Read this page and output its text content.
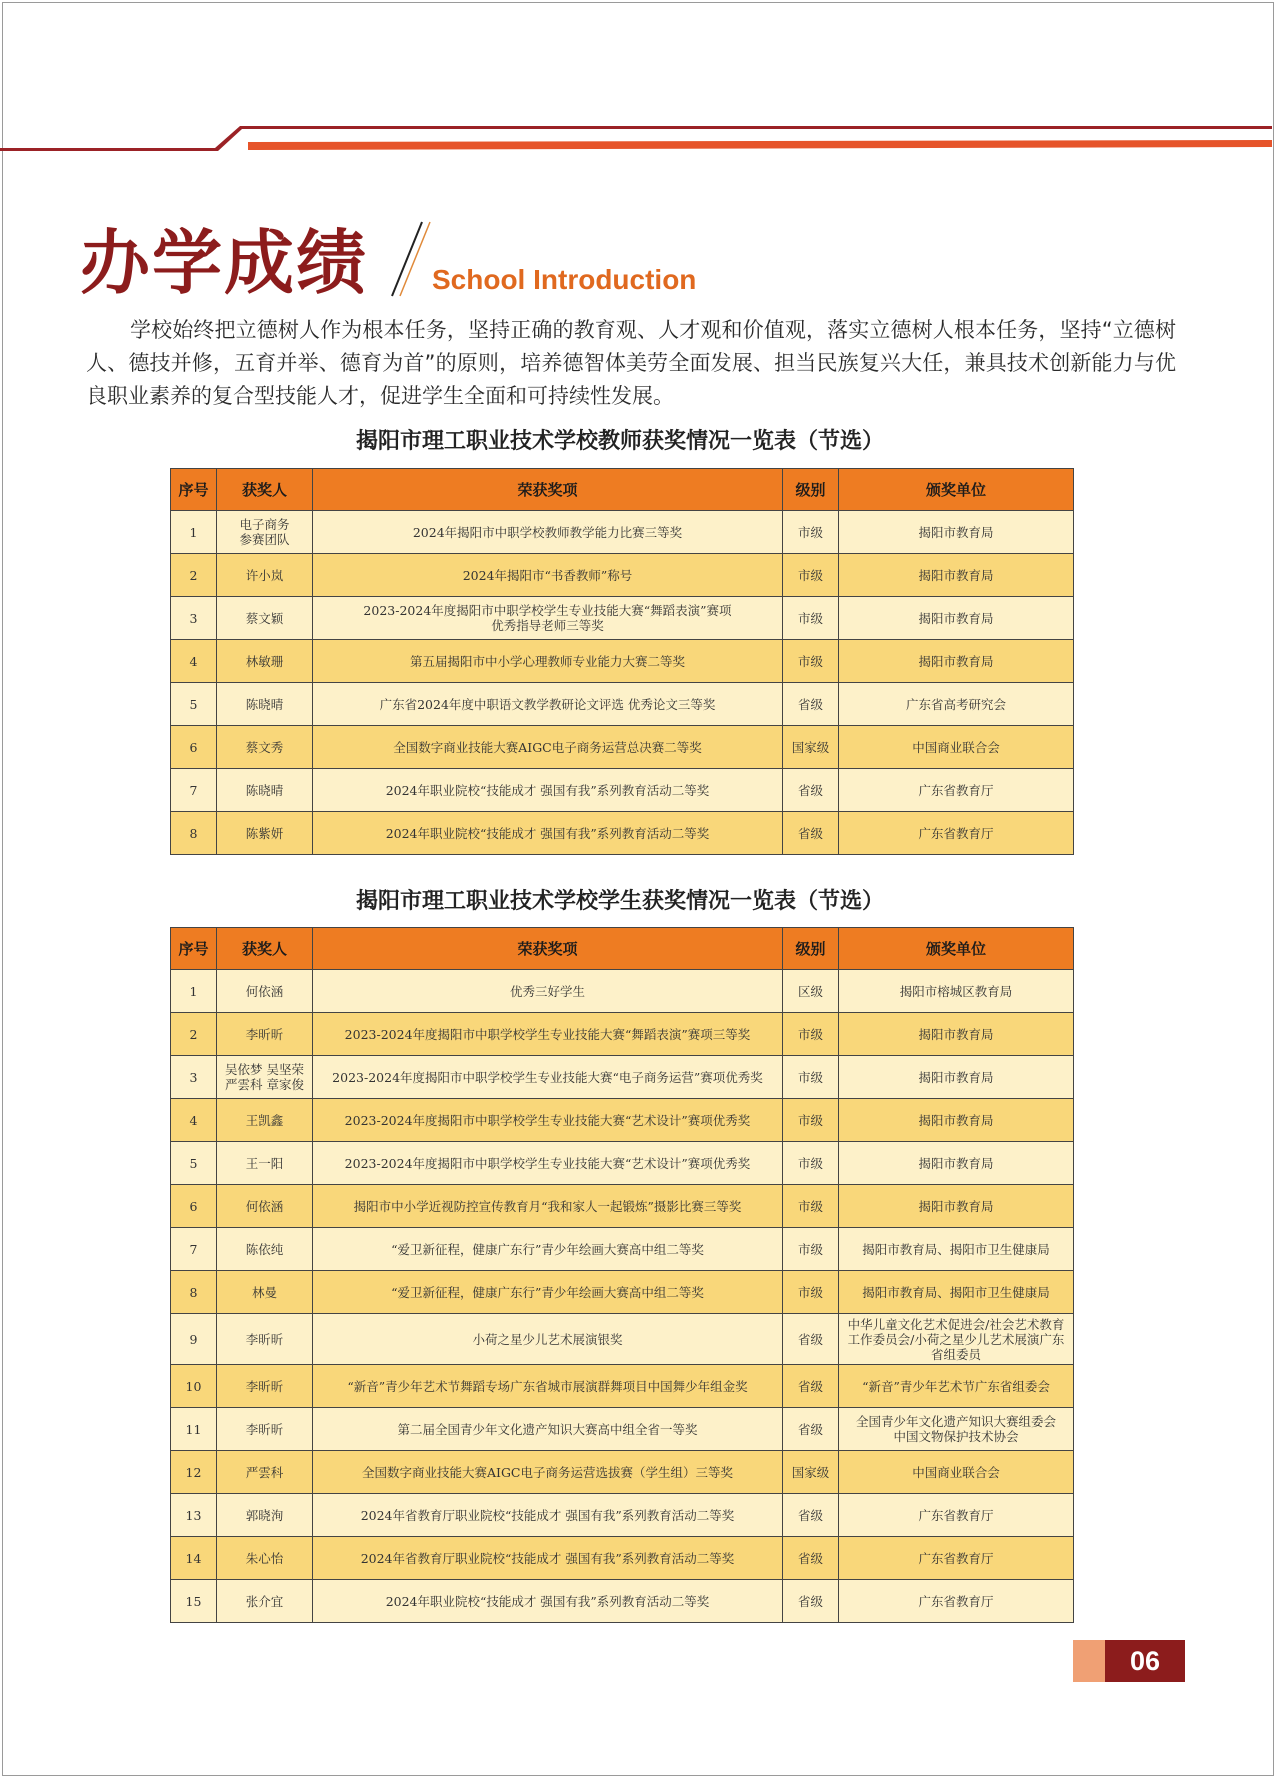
办学成绩 School Introduction

学校始终把立德树人作为根本任务，坚持正确的教育观、人才观和价值观，落实立德树人根本任务，坚持“立德树人、德技并修，五育并举、德育为首”的原则，培养德智体美劳全面发展、担当民族复兴大任，兼具技术创新能力与优良职业素养的复合型技能人才，促进学生全面和可持续性发展。

揭阳市理工职业技术学校教师获奖情况一览表（节选）
序号	获奖人	荣获奖项	级别	颁奖单位
1	电子商务
参赛团队	2024年揭阳市中职学校教师教学能力比赛三等奖	市级	揭阳市教育局
2	许小岚	2024年揭阳市“书香教师”称号	市级	揭阳市教育局
3	蔡文颖	2023-2024年度揭阳市中职学校学生专业技能大赛“舞蹈表演”赛项
优秀指导老师三等奖	市级	揭阳市教育局
4	林敏珊	第五届揭阳市中小学心理教师专业能力大赛二等奖	市级	揭阳市教育局
5	陈晓晴	广东省2024年度中职语文教学教研论文评选 优秀论文三等奖	省级	广东省高考研究会
6	蔡文秀	全国数字商业技能大赛AIGC电子商务运营总决赛二等奖	国家级	中国商业联合会
7	陈晓晴	2024年职业院校“技能成才 强国有我”系列教育活动二等奖	省级	广东省教育厅
8	陈紫妍	2024年职业院校“技能成才 强国有我”系列教育活动二等奖	省级	广东省教育厅
揭阳市理工职业技术学校学生获奖情况一览表（节选）
序号	获奖人	荣获奖项	级别	颁奖单位
1	何依涵	优秀三好学生	区级	揭阳市榕城区教育局
2	李昕昕	2023-2024年度揭阳市中职学校学生专业技能大赛“舞蹈表演”赛项三等奖	市级	揭阳市教育局
3	吴依梦 吴坚荣
严雲科 章家俊	2023-2024年度揭阳市中职学校学生专业技能大赛“电子商务运营”赛项优秀奖	市级	揭阳市教育局
4	王凯鑫	2023-2024年度揭阳市中职学校学生专业技能大赛“艺术设计”赛项优秀奖	市级	揭阳市教育局
5	王一阳	2023-2024年度揭阳市中职学校学生专业技能大赛“艺术设计”赛项优秀奖	市级	揭阳市教育局
6	何依涵	揭阳市中小学近视防控宣传教育月“我和家人一起锻炼”摄影比赛三等奖	市级	揭阳市教育局
7	陈依纯	“爱卫新征程，健康广东行”青少年绘画大赛高中组二等奖	市级	揭阳市教育局、揭阳市卫生健康局
8	林曼	“爱卫新征程，健康广东行”青少年绘画大赛高中组二等奖	市级	揭阳市教育局、揭阳市卫生健康局
9	李昕昕	小荷之星少儿艺术展演银奖	省级	中华儿童文化艺术促进会/社会艺术教育
工作委员会/小荷之星少儿艺术展演广东
省组委员
10	李昕昕	“新音”青少年艺术节舞蹈专场广东省城市展演群舞项目中国舞少年组金奖	省级	“新音”青少年艺术节广东省组委会
11	李昕昕	第二届全国青少年文化遗产知识大赛高中组全省一等奖	省级	全国青少年文化遗产知识大赛组委会
中国文物保护技术协会
12	严雲科	全国数字商业技能大赛AIGC电子商务运营选拔赛（学生组）三等奖	国家级	中国商业联合会
13	郭晓洵	2024年省教育厅职业院校“技能成才 强国有我”系列教育活动二等奖	省级	广东省教育厅
14	朱心怡	2024年省教育厅职业院校“技能成才 强国有我”系列教育活动二等奖	省级	广东省教育厅
15	张介宜	2024年职业院校“技能成才 强国有我”系列教育活动二等奖	省级	广东省教育厅
06
